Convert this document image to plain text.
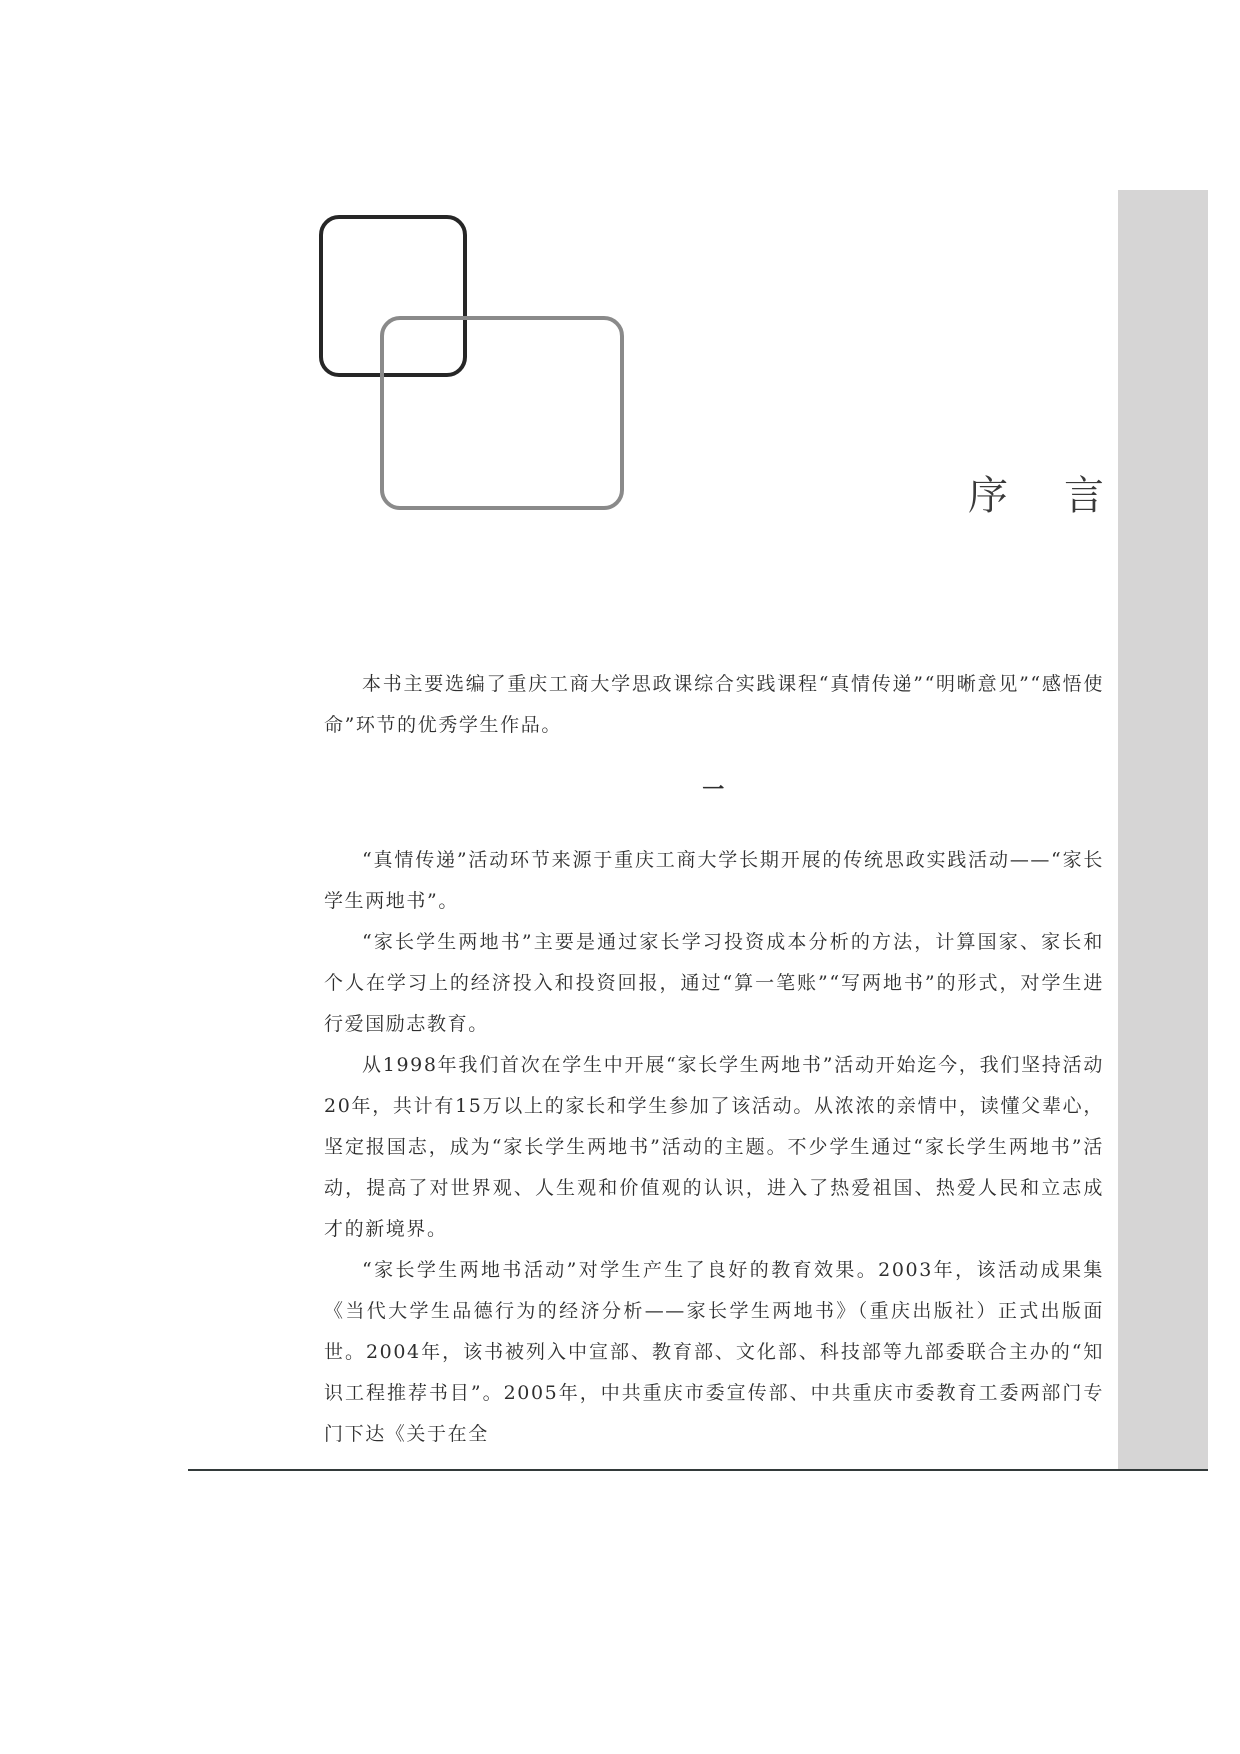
序 言

本书主要选编了重庆工商大学思政课综合实践课程“真情传递”“明晰意见”“感悟使命”环节的优秀学生作品。

一

“真情传递”活动环节来源于重庆工商大学长期开展的传统思政实践活动——“家长学生两地书”。

“家长学生两地书”主要是通过家长学习投资成本分析的方法，计算国家、家长和个人在学习上的经济投入和投资回报，通过“算一笔账”“写两地书”的形式，对学生进行爱国励志教育。

从1998年我们首次在学生中开展“家长学生两地书”活动开始迄今，我们坚持活动20年，共计有15万以上的家长和学生参加了该活动。从浓浓的亲情中，读懂父辈心，坚定报国志，成为“家长学生两地书”活动的主题。不少学生通过“家长学生两地书”活动，提高了对世界观、人生观和价值观的认识，进入了热爱祖国、热爱人民和立志成才的新境界。

“家长学生两地书活动”对学生产生了良好的教育效果。2003年，该活动成果集《当代大学生品德行为的经济分析——家长学生两地书》（重庆出版社）正式出版面世。2004年，该书被列入中宣部、教育部、文化部、科技部等九部委联合主办的“知识工程推荐书目”。2005年，中共重庆市委宣传部、中共重庆市委教育工委两部门专门下达《关于在全
